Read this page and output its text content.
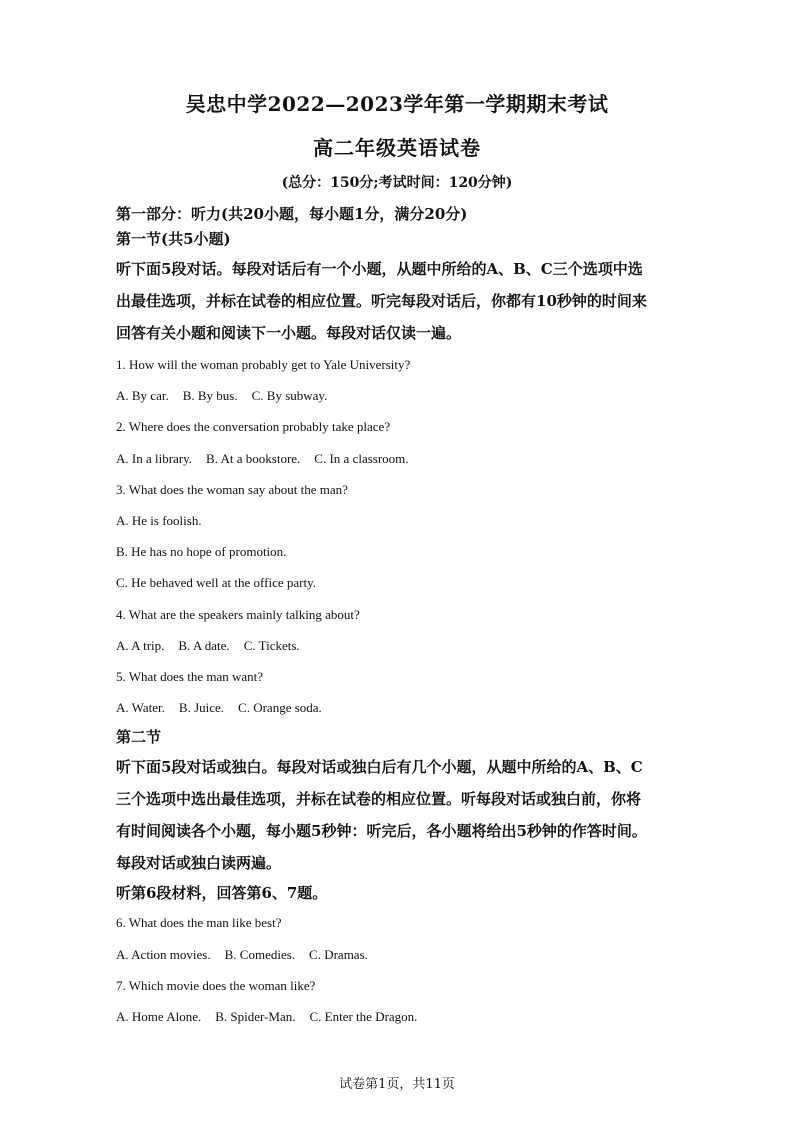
吴忠中学2022—2023学年第一学期期末考试
高二年级英语试卷
(总分：150分;考试时间：120分钟)
第一部分：听力(共20小题，每小题1分，满分20分)
第一节(共5小题)

听下面5段对话。每段对话后有一个小题，从题中所给的A、B、C三个选项中选

出最佳选项，并标在试卷的相应位置。听完每段对话后，你都有10秒钟的时间来

回答有关小题和阅读下一小题。每段对话仅读一遍。

1. How will the woman probably get to Yale University?

A. By car. B. By bus. C. By subway.

2. Where does the conversation probably take place?

A. In a library. B. At a bookstore. C. In a classroom.

3. What does the woman say about the man?

A. He is foolish.

B. He has no hope of promotion.

C. He behaved well at the office party.

4. What are the speakers mainly talking about?

A. A trip. B. A date. C. Tickets.

5. What does the man want?

A. Water. B. Juice. C. Orange soda.

第二节

听下面5段对话或独白。每段对话或独白后有几个小题，从题中所给的A、B、C

三个选项中选出最佳选项，并标在试卷的相应位置。听每段对话或独白前，你将

有时间阅读各个小题，每小题5秒钟：听完后，各小题将给出5秒钟的作答时间。

每段对话或独白读两遍。

听第6段材料，回答第6、7题。

6. What does the man like best?

A. Action movies. B. Comedies. C. Dramas.

7. Which movie does the woman like?

A. Home Alone. B. Spider-Man. C. Enter the Dragon.

试卷第1页，共11页
